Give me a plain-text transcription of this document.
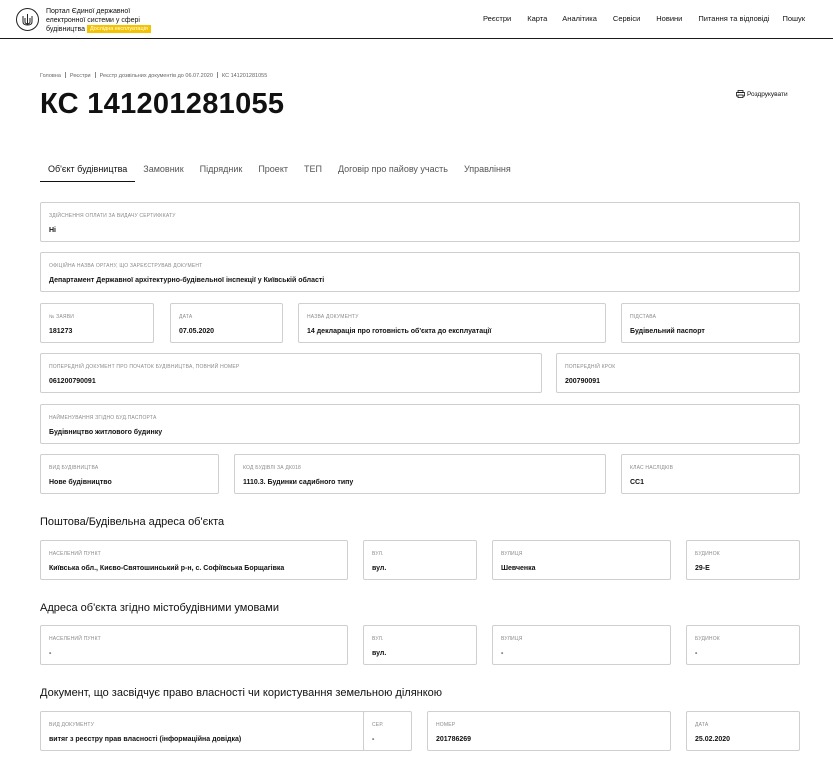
Портал Єдиної державної
електронної системи у сфері
будівництва Дослідна експлуатація
Реєстри Карта Аналітика Сервіси Новини Питання та відповіді Пошук
Головна Реєстри Реєстр дозвільних документів до 06.07.2020 КС 141201281055
КС 141201281055	Роздрукувати
Об'єкт будівництва	Замовник Підрядник Проект ТЕП Договір про пайову участь Управління
ЗДІЙСНЕННЯ ОПЛАТИ ЗА ВИДАЧУ СЕРТИФІКАТУ
Ні
ОФІЦІЙНА НАЗВА ОРГАНУ, ЩО ЗАРЕЄСТРУВАВ ДОКУМЕНТ
Департамент Державної архітектурно-будівельної інспекції у Київській області
№ ЗАЯВИ
181273
ДАТА
07.05.2020
НАЗВА ДОКУМЕНТУ
14 декларація про готовність об'єкта до експлуатації
ПІДСТАВА
Будівельний паспорт
ПОПЕРЕДНІЙ ДОКУМЕНТ ПРО ПОЧАТОК БУДІВНИЦТВА, ПОВНИЙ НОМЕР
061200790091
ПОПЕРЕДНІЙ КРОК
200790091
НАЙМЕНУВАННЯ ЗГІДНО БУД.ПАСПОРТА
Будівництво житлового будинку
ВИД БУДІВНИЦТВА
Нове будівництво
КОД БУДІВЛІ ЗА ДК018
1110.3. Будинки садибного типу
КЛАС НАСЛІДКІВ
СС1
Поштова/Будівельна адреса об'єкта
НАСЕЛЕНИЙ ПУНКТ
Київська обл., Києво-Святошинський р-н, с. Софіївська Борщагівка
ВУЛ.
вул.
ВУЛИЦЯ
Шевченка
БУДИНОК
29-Е
Адреса об'єкта згідно містобудівними умовами
НАСЕЛЕНИЙ ПУНКТ
-
ВУЛ.
вул.
ВУЛИЦЯ
-
БУДИНОК
-
Документ, що засвідчує право власності чи користування земельною ділянкою
ВИД ДОКУМЕНТУ
витяг з реєстру прав власності (інформаційна довідка)
СЕР.
-
НОМЕР
201786269
ДАТА
25.02.2020
